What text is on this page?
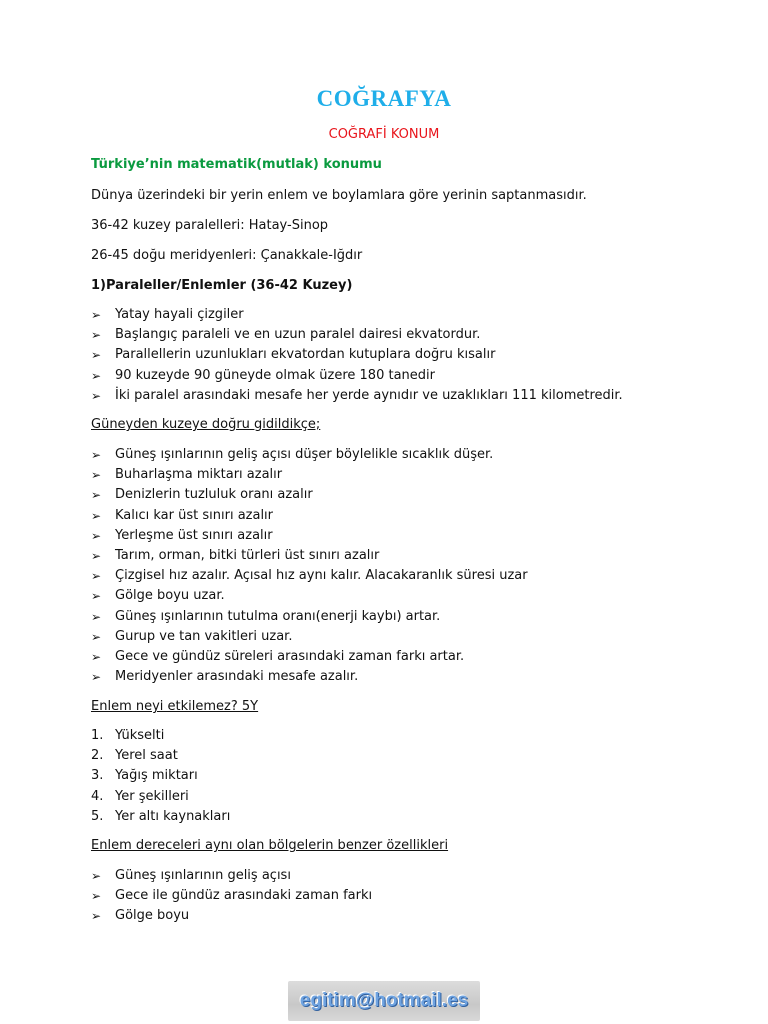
COĞRAFYA
COĞRAFİ KONUM
Türkiye’nin matematik(mutlak) konumu
Dünya üzerindeki bir yerin enlem ve boylamlara göre yerinin saptanmasıdır.
36-42 kuzey paralelleri: Hatay-Sinop
26-45 doğu meridyenleri: Çanakkale-Iğdır
1)Paraleller/Enlemler (36-42 Kuzey)
➢ Yatay hayali çizgiler
➢ Başlangıç paraleli ve en uzun paralel dairesi ekvatordur.
➢ Parallellerin uzunlukları ekvatordan kutuplara doğru kısalır
➢ 90 kuzeyde 90 güneyde olmak üzere 180 tanedir
➢ İki paralel arasındaki mesafe her yerde aynıdır ve uzaklıkları 111 kilometredir.
Güneyden kuzeye doğru gidildikçe;
➢ Güneş ışınlarının geliş açısı düşer böylelikle sıcaklık düşer.
➢ Buharlaşma miktarı azalır
➢ Denizlerin tuzluluk oranı azalır
➢ Kalıcı kar üst sınırı azalır
➢ Yerleşme üst sınırı azalır
➢ Tarım, orman, bitki türleri üst sınırı azalır
➢ Çizgisel hız azalır. Açısal hız aynı kalır. Alacakaranlık süresi uzar
➢ Gölge boyu uzar.
➢ Güneş ışınlarının tutulma oranı(enerji kaybı) artar.
➢ Gurup ve tan vakitleri uzar.
➢ Gece ve gündüz süreleri arasındaki zaman farkı artar.
➢ Meridyenler arasındaki mesafe azalır.
Enlem neyi etkilemez? 5Y
1. Yükselti
2. Yerel saat
3. Yağış miktarı
4. Yer şekilleri
5. Yer altı kaynakları
Enlem dereceleri aynı olan bölgelerin benzer özellikleri
➢ Güneş ışınlarının geliş açısı
➢ Gece ile gündüz arasındaki zaman farkı
➢ Gölge boyu
egitim@hotmail.es
